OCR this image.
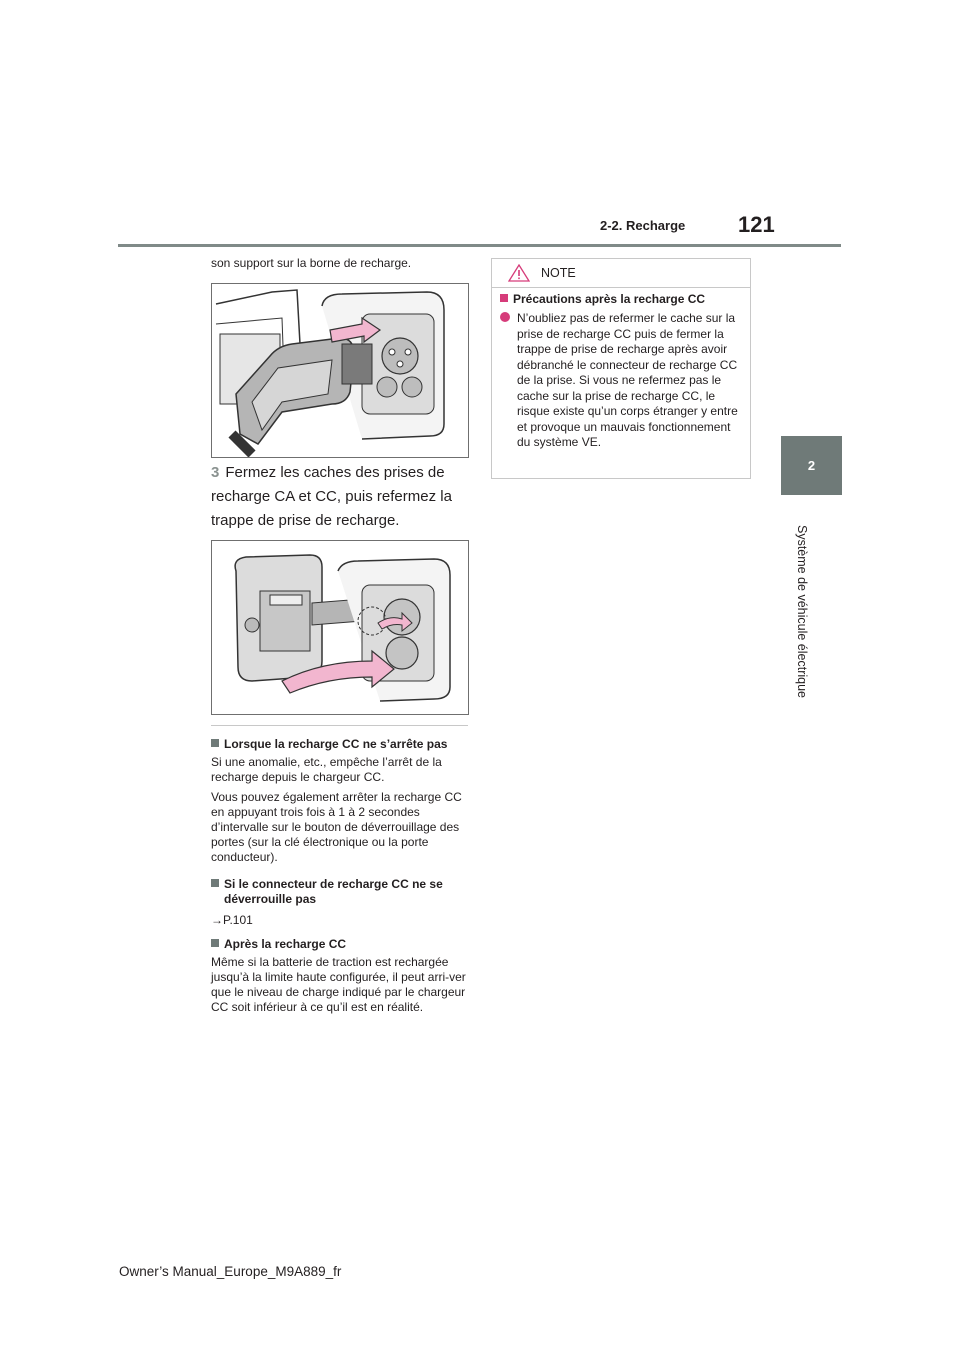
2-2. Recharge 121
2
Système de véhicule électrique
son support sur la borne de recharge.
3 Fermez les caches des prises de recharge CA et CC, puis refermez la trappe de prise de recharge.
Lorsque la recharge CC ne s’arrête pas
Si une anomalie, etc., empêche l’arrêt de la recharge depuis le chargeur CC.
Vous pouvez également arrêter la recharge CC en appuyant trois fois à 1 à 2 secondes d’intervalle sur le bouton de déverrouillage des portes (sur la clé électronique ou la porte conducteur).
Si le connecteur de recharge CC ne se déverrouille pas
→P.101
Après la recharge CC
Même si la batterie de traction est rechargée jusqu’à la limite haute configurée, il peut arri-ver que le niveau de charge indiqué par le chargeur CC soit inférieur à ce qu’il est en réalité.
NOTE
Précautions après la recharge CC
N’oubliez pas de refermer le cache sur la prise de recharge CC puis de fermer la trappe de prise de recharge après avoir débranché le connecteur de recharge CC de la prise. Si vous ne refermez pas le cache sur la prise de recharge CC, le risque existe qu’un corps étranger y entre et provoque un mauvais fonctionnement du système VE.
Owner’s Manual_Europe_M9A889_fr
